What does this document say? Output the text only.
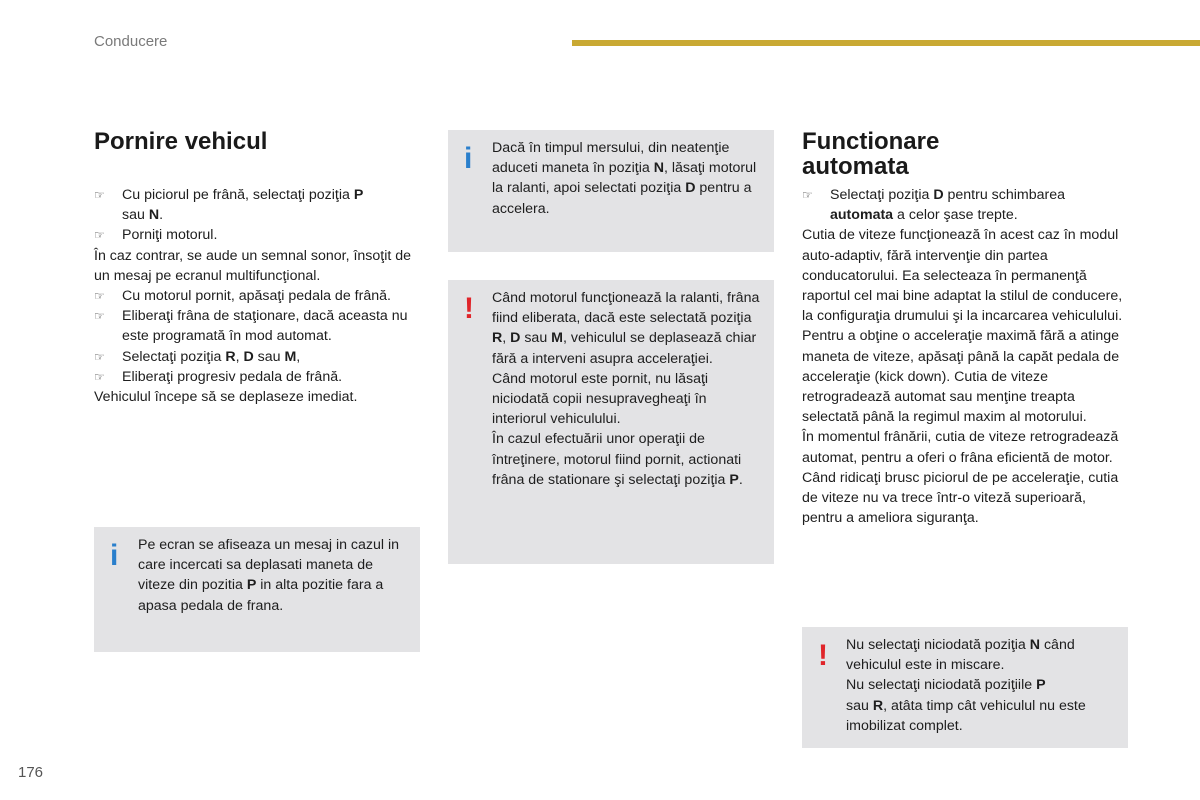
Conducere
Pornire vehicul
☞	Cu piciorul pe frână, selectaţi poziţia P
sau N.
☞	Porniţi motorul.
În caz contrar, se aude un semnal sonor, însoţit de un mesaj pe ecranul multifuncţional.
☞	Cu motorul pornit, apăsaţi pedala de frână.
☞	Eliberaţi frâna de staţionare, dacă aceasta nu este programată în mod automat.
☞	Selectaţi poziţia R, D sau M,
☞	Eliberaţi progresiv pedala de frână.
Vehiculul începe să se deplaseze imediat.
i Pe ecran se afiseaza un mesaj in cazul in care incercati sa deplasati maneta de viteze din pozitia P in alta pozitie fara a apasa pedala de frana.
i Dacă în timpul mersului, din neatenţie aduceti maneta în poziţia N, lăsaţi motorul la ralanti, apoi selectati poziţia D pentru a accelera.
! Când motorul funcţionează la ralanti, frâna fiind eliberata, dacă este selectată poziţia R, D sau M, vehiculul se deplasează chiar fără a interveni asupra acceleraţiei.

Când motorul este pornit, nu lăsaţi niciodată copii nesupravegheaţi în interiorul vehiculului.

În cazul efectuării unor operaţii de întreţinere, motorul fiind pornit, actionati frâna de stationare şi selectaţi poziţia P.

Functionare
automata
☞	Selectaţi poziţia D pentru schimbarea automata a celor şase trepte.
Cutia de viteze funcţionează în acest caz în modul auto-adaptiv, fără intervenţie din partea conducatorului. Ea selecteaza în permanenţă raportul cel mai bine adaptat la stilul de conducere, la configuraţia drumului şi la incarcarea vehiculului.
Pentru a obţine o acceleraţie maximă fără a atinge maneta de viteze, apăsaţi până la capăt pedala de acceleraţie (kick down). Cutia de viteze retrogradează automat sau menţine treapta selectată până la regimul maxim al motorului.
În momentul frânării, cutia de viteze retrogradează automat, pentru a oferi o frâna eficientă de motor.
Când ridicaţi brusc piciorul de pe acceleraţie, cutia de viteze nu va trece într-o viteză superioară, pentru a ameliora siguranţa.
! Nu selectaţi niciodată poziţia N când vehiculul este in miscare.

Nu selectaţi niciodată poziţiile P
sau R, atâta timp cât vehiculul nu este imobilizat complet.

176
